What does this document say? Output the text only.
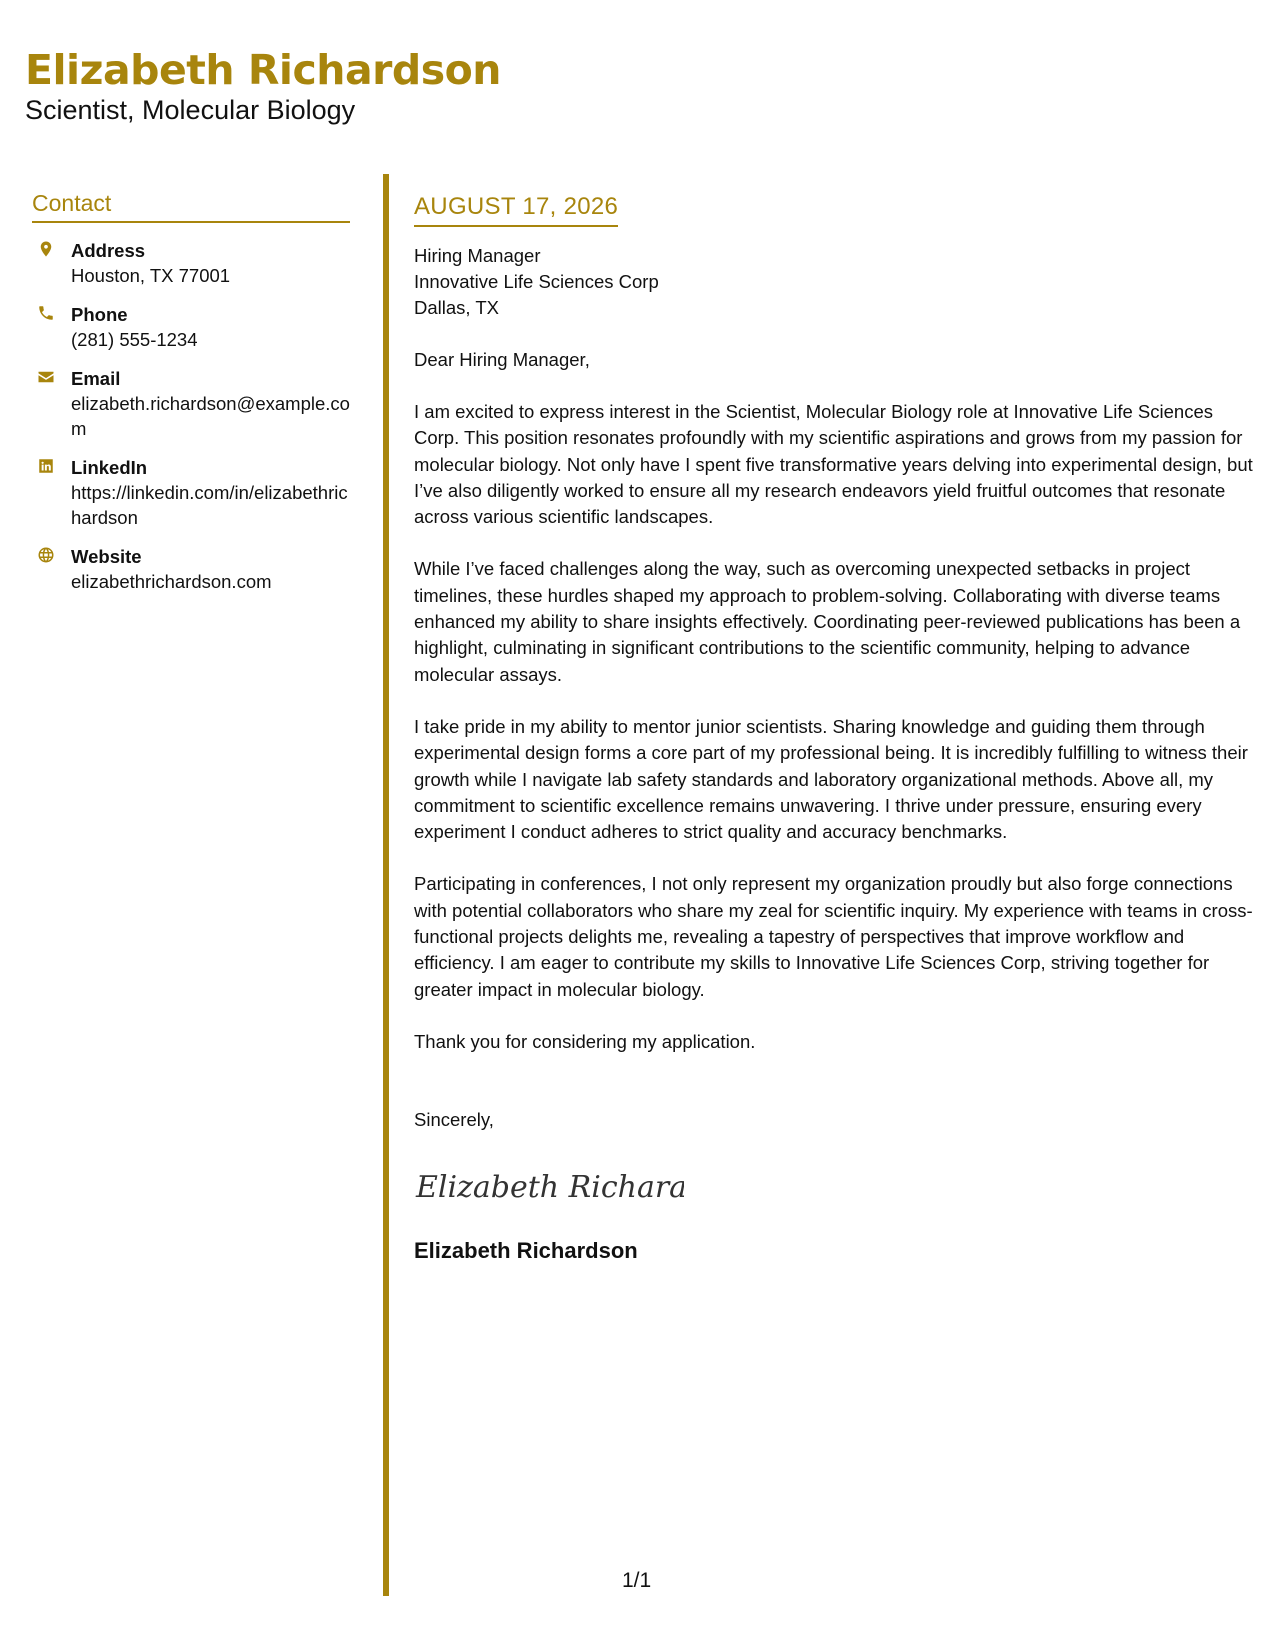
Elizabeth Richardson

Scientist, Molecular Biology

Contact
Address
Houston, TX 77001
Phone
(281) 555-1234
Email
elizabeth.richardson@example.com
LinkedIn
https://linkedin.com/in/elizabethrichardson
Website
elizabethrichardson.com
AUGUST 17, 2026

Hiring Manager

Innovative Life Sciences Corp

Dallas, TX

Dear Hiring Manager,

I am excited to express interest in the Scientist, Molecular Biology role at Innovative Life Sciences Corp. This position resonates profoundly with my scientific aspirations and grows from my passion for molecular biology. Not only have I spent five transformative years delving into experimental design, but I’ve also diligently worked to ensure all my research endeavors yield fruitful outcomes that resonate across various scientific landscapes.

While I’ve faced challenges along the way, such as overcoming unexpected setbacks in project timelines, these hurdles shaped my approach to problem-solving. Collaborating with diverse teams enhanced my ability to share insights effectively. Coordinating peer-reviewed publications has been a highlight, culminating in significant contributions to the scientific community, helping to advance molecular assays.

I take pride in my ability to mentor junior scientists. Sharing knowledge and guiding them through experimental design forms a core part of my professional being. It is incredibly fulfilling to witness their growth while I navigate lab safety standards and laboratory organizational methods. Above all, my commitment to scientific excellence remains unwavering. I thrive under pressure, ensuring every experiment I conduct adheres to strict quality and accuracy benchmarks.

Participating in conferences, I not only represent my organization proudly but also forge connections with potential collaborators who share my zeal for scientific inquiry. My experience with teams in cross-functional projects delights me, revealing a tapestry of perspectives that improve workflow and efficiency. I am eager to contribute my skills to Innovative Life Sciences Corp, striving together for greater impact in molecular biology.

Thank you for considering my application.

Sincerely,

Elizabeth Richara
Elizabeth Richardson
1/1
